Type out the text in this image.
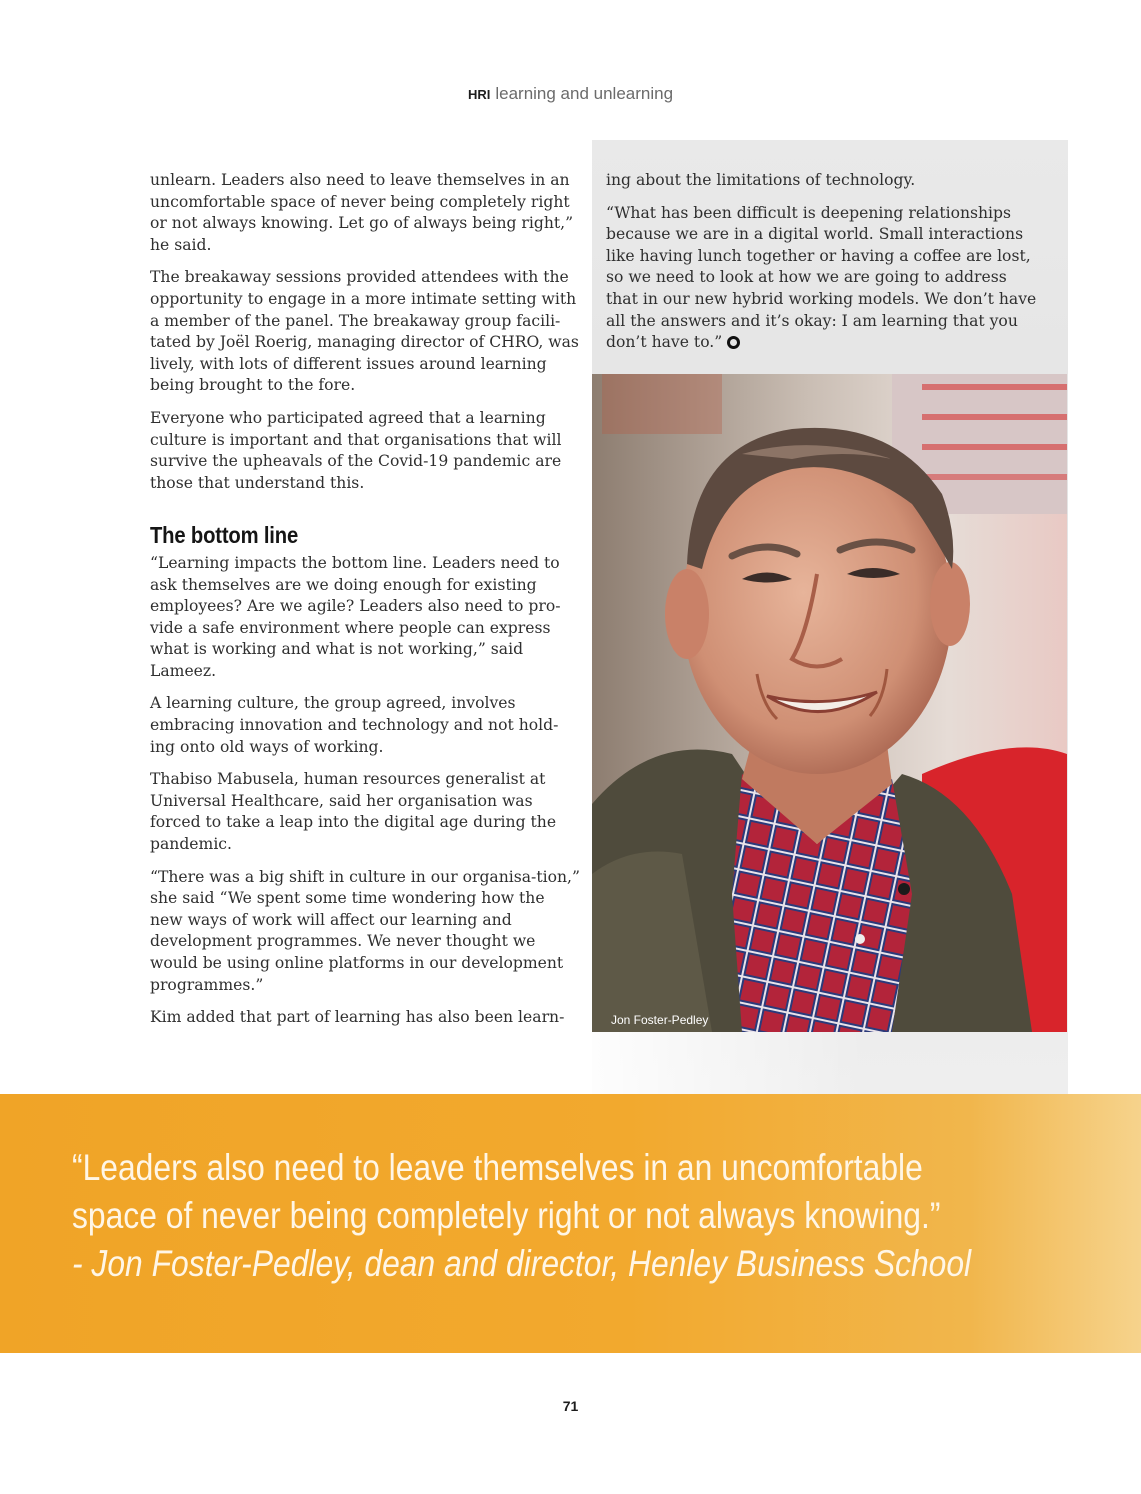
HRI learning and unlearning

unlearn. Leaders also need to leave themselves in an uncomfortable space of never being completely right or not always knowing. Let go of always being right,” he said.

The breakaway sessions provided attendees with the opportunity to engage in a more intimate setting with a member of the panel. The breakaway group facili-tated by Joël Roerig, managing director of CHRO, was lively, with lots of different issues around learning being brought to the fore.

Everyone who participated agreed that a learning culture is important and that organisations that will survive the upheavals of the Covid-19 pandemic are those that understand this.

The bottom line

“Learning impacts the bottom line. Leaders need to ask themselves are we doing enough for existing employees? Are we agile? Leaders also need to pro-vide a safe environment where people can express what is working and what is not working,” said Lameez.

A learning culture, the group agreed, involves embracing innovation and technology and not hold-ing onto old ways of working.

Thabiso Mabusela, human resources generalist at Universal Healthcare, said her organisation was forced to take a leap into the digital age during the pandemic.

“There was a big shift in culture in our organisa-tion,” she said “We spent some time wondering how the new ways of work will affect our learning and development programmes. We never thought we would be using online platforms in our development programmes.”

Kim added that part of learning has also been learn-

ing about the limitations of technology.

“What has been difficult is deepening relationships because we are in a digital world. Small interactions like having lunch together or having a coffee are lost, so we need to look at how we are going to address that in our new hybrid working models. We don’t have all the answers and it’s okay: I am learning that you don’t have to.”

Jon Foster-Pedley
“Leaders also need to leave themselves in an uncomfortable
space of never being completely right or not always knowing.”
- Jon Foster-Pedley, dean and director, Henley Business School
71
